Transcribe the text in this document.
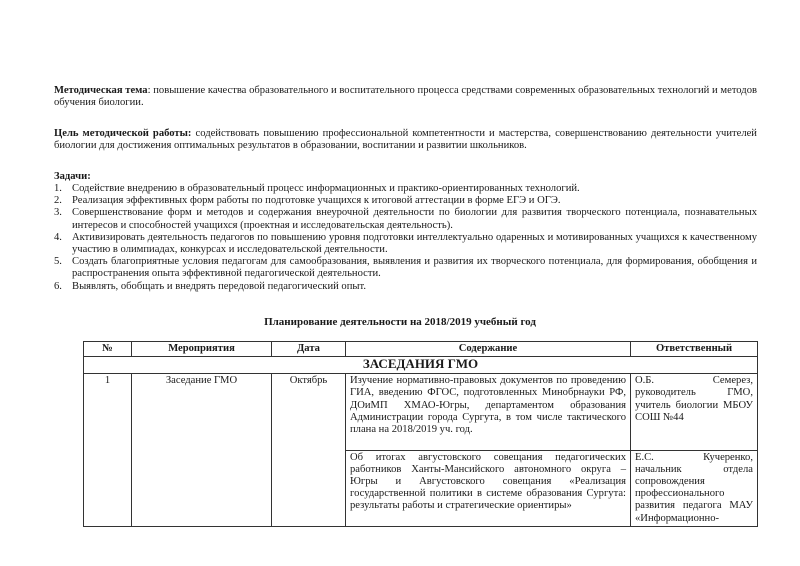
Методическая тема: повышение качества образовательного и воспитательного процесса средствами современных образовательных технологий и методов обучения биологии.
Цель методической работы: содействовать повышению профессиональной компетентности и мастерства, совершенствованию деятельности учителей биологии для достижения оптимальных результатов в образовании, воспитании и развитии школьников.
Задачи:
1. Содействие внедрению в образовательный процесс информационных и практико-ориентированных технологий.
2. Реализация эффективных форм работы по подготовке учащихся к итоговой аттестации в форме ЕГЭ и ОГЭ.
3. Совершенствование форм и методов и содержания внеурочной деятельности по биологии для развития творческого потенциала, познавательных интересов и способностей учащихся (проектная и исследовательская деятельность).
4. Активизировать деятельность педагогов по повышению уровня подготовки интеллектуально одаренных и мотивированных учащихся к качественному участию в олимпиадах, конкурсах и исследовательской деятельности.
5. Создать благоприятные условия педагогам для самообразования, выявления и развития их творческого потенциала, для формирования, обобщения и распространения опыта эффективной педагогической деятельности.
6. Выявлять, обобщать и внедрять передовой педагогический опыт.
Планирование деятельности на 2018/2019 учебный год
№	Мероприятия	Дата	Содержание	Ответственный
ЗАСЕДАНИЯ ГМО				
1	Заседание ГМО	Октябрь	Изучение нормативно-правовых документов по проведению ГИА, введению ФГОС, подготовленных Минобрнауки РФ, ДОиМП ХМАО-Югры, департаментом образования Администрации города Сургута, в том числе тактического плана на 2018/2019 уч. год.	О.Б. Семерез, руководитель ГМО, учитель биологии МБОУ СОШ №44
			Об итогах августовского совещания педагогических работников Ханты-Мансийского автономного округа – Югры и Августовского совещания «Реализация государственной политики в системе образования Сургута: результаты работы и стратегические ориентиры»	Е.С. Кучеренко, начальник отдела сопровождения профессионального развития педагога МАУ «Информационно-
